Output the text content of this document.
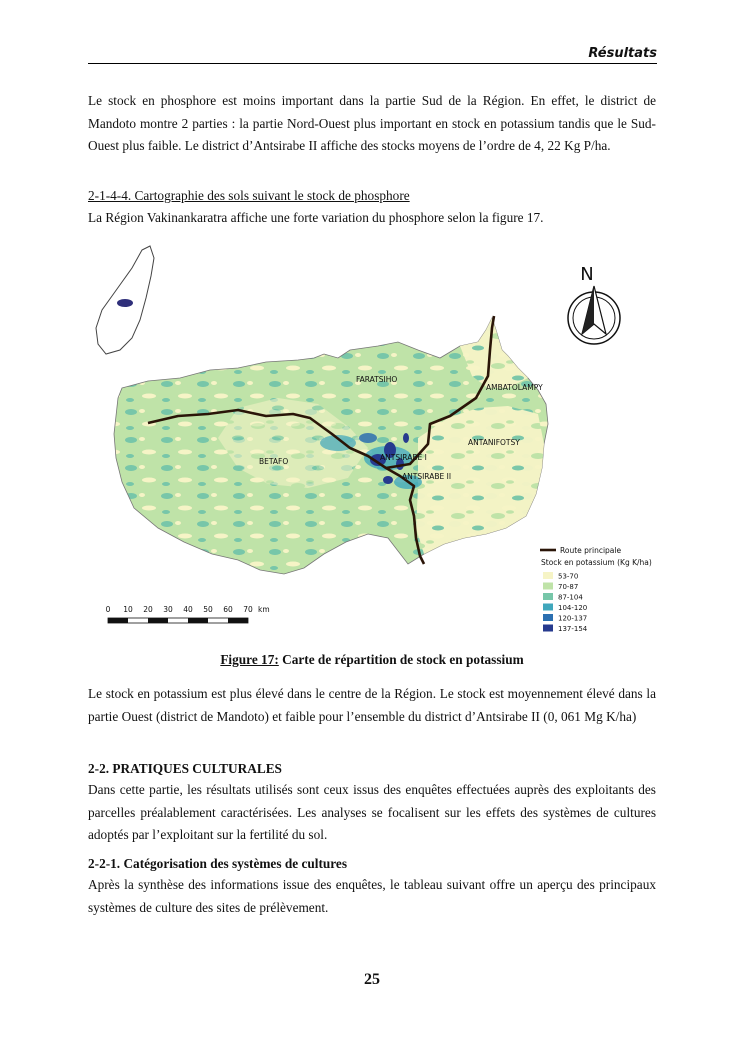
Résultats

Le stock en phosphore est moins important dans la partie Sud de la Région. En effet, le district de Mandoto montre 2 parties : la partie Nord-Ouest plus important en stock en potassium tandis que le Sud-Ouest plus faible. Le district d’Antsirabe II affiche des stocks moyens de l’ordre de 4, 22 Kg P/ha.

2-1-4-4. Cartographie des sols suivant le stock de phosphore

La Région Vakinankaratra affiche une forte variation du phosphore selon la figure 17.

FARATSIHO
AMBATOLAMPY
ANTANIFOTSY
BETAFO	ANTSIRABE I
ANTSIRABE II
N
Route principale
Stock en potassium (Kg K/ha)
53-70
70-87
87-104
104-120
120-137
137-154
0 10 20 30 40 50 60 70 km
Figure 17: Carte de répartition de stock en potassium

Le stock en potassium est plus élevé dans le centre de la Région. Le stock est moyennement élevé dans la partie Ouest (district de Mandoto) et faible pour l’ensemble du district d’Antsirabe II (0, 061 Mg K/ha)

2-2. PRATIQUES CULTURALES

Dans cette partie, les résultats utilisés sont ceux issus des enquêtes effectuées auprès des exploitants des parcelles préalablement caractérisées. Les analyses se focalisent sur les effets des systèmes de cultures adoptés par l’exploitant sur la fertilité du sol.

2-2-1. Catégorisation des systèmes de cultures

Après la synthèse des informations issue des enquêtes, le tableau suivant offre un aperçu des principaux systèmes de culture des sites de prélèvement.

25
